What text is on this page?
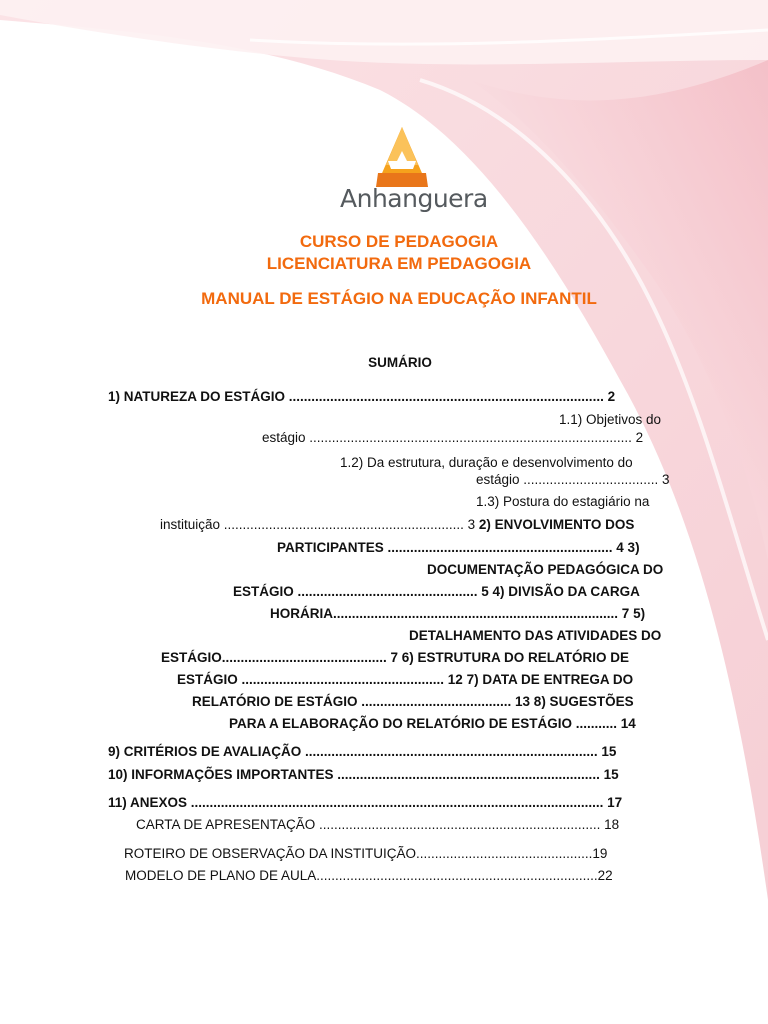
Anhanguera
CURSO DE PEDAGOGIA
LICENCIATURA EM PEDAGOGIA
MANUAL DE ESTÁGIO NA EDUCAÇÃO INFANTIL
SUMÁRIO
1) NATUREZA DO ESTÁGIO .................................................................................... 2
1.1) Objetivos do
estágio ...................................................................................... 2
1.2) Da estrutura, duração e desenvolvimento do
estágio .................................... 3
1.3) Postura do estagiário na
instituição ................................................................ 3 2) ENVOLVIMENTO DOS
PARTICIPANTES ............................................................ 4 3)
DOCUMENTAÇÃO PEDAGÓGICA DO
ESTÁGIO ................................................ 5 4) DIVISÃO DA CARGA
HORÁRIA............................................................................ 7 5)
DETALHAMENTO DAS ATIVIDADES DO
ESTÁGIO............................................ 7 6) ESTRUTURA DO RELATÓRIO DE
ESTÁGIO ...................................................... 12 7) DATA DE ENTREGA DO
RELATÓRIO DE ESTÁGIO ........................................ 13 8) SUGESTÕES
PARA A ELABORAÇÃO DO RELATÓRIO DE ESTÁGIO ........... 14
9) CRITÉRIOS DE AVALIAÇÃO .............................................................................. 15
10) INFORMAÇÕES IMPORTANTES ...................................................................... 15
11) ANEXOS .............................................................................................................. 17
CARTA DE APRESENTAÇÃO ........................................................................... 18
ROTEIRO DE OBSERVAÇÃO DA INSTITUIÇÃO...............................................19
MODELO DE PLANO DE AULA...........................................................................22
